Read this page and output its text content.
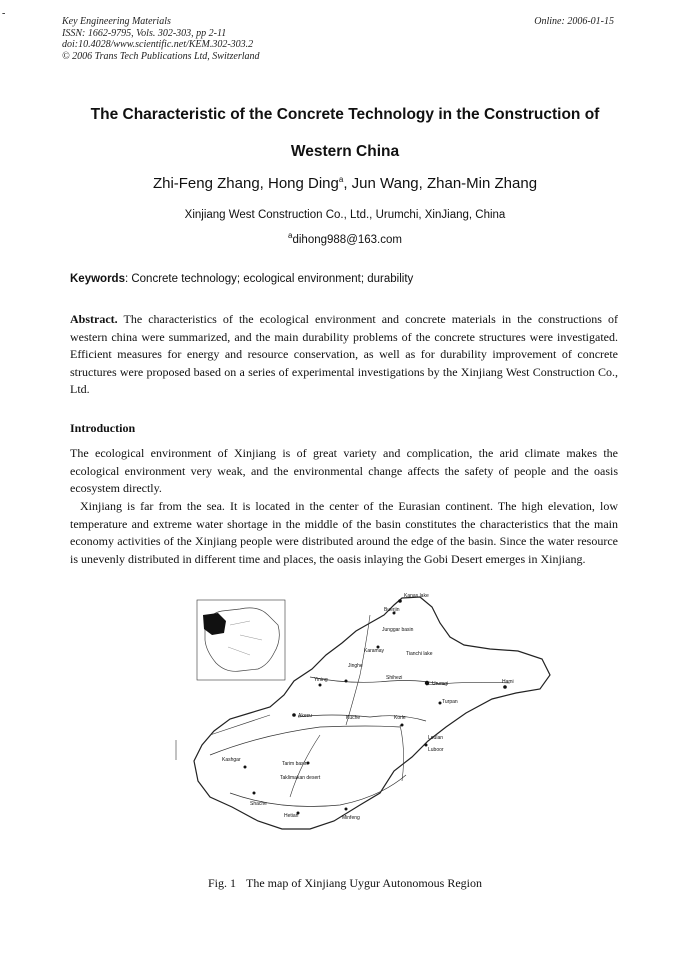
-
Key Engineering Materials
ISSN: 1662-9795, Vols. 302-303, pp 2-11
doi:10.4028/www.scientific.net/KEM.302-303.2
© 2006 Trans Tech Publications Ltd, Switzerland
Online: 2006-01-15
The Characteristic of the Concrete Technology in the Construction of
Western China
Zhi-Feng Zhang, Hong Ding$^a$, Jun Wang, Zhan-Min Zhang
Xinjiang West Construction Co., Ltd., Urumchi, XinJiang, China
$^a$dihong988@163.com
Keywords: Concrete technology; ecological environment; durability
Abstract. The characteristics of the ecological environment and concrete materials in the constructions of western china were summarized, and the main durability problems of the concrete structures were investigated. Efficient measures for energy and resource conservation, as well as for durability improvement of concrete structures were proposed based on a series of experimental investigations by the Xinjiang West Construction Co., Ltd.
Introduction
The ecological environment of Xinjiang is of great variety and complication, the arid climate makes the ecological environment very weak, and the environmental change affects the safety of people and the oasis ecosystem directly.
Xinjiang is far from the sea. It is located in the center of the Eurasian continent. The high elevation, low temperature and extreme water shortage in the middle of the basin constitutes the characteristics that the main economy activities of the Xinjiang people were distributed around the edge of the basin. Since the water resource is unevenly distributed in different time and places, the oasis inlaying the Gobi Desert emerges in Xinjiang.
Kanas lake
Buerjin
Junggar basin
Karamay	Tianchi lake
Jinghe
Shihezi
Yining
Urumqi	Hami
Turpan
Akesu	Kuche	Korle
Loulan
Luboor
Kashgar
Tarim basin
Taklimakan desert
Shache
Hetian	Minfeng
Fig. 1 The map of Xinjiang Uygur Autonomous Region
